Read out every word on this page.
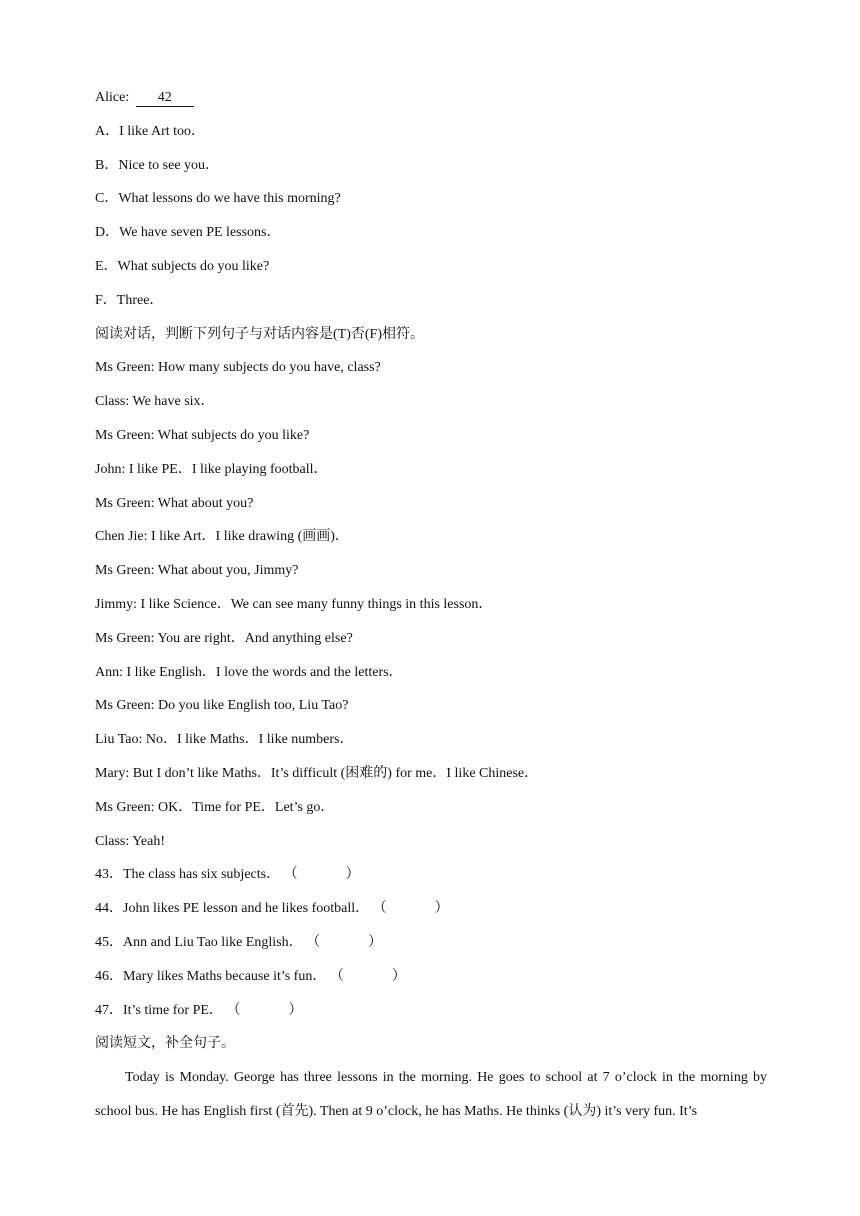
Alice: 42
A．I like Art too．
B．Nice to see you．
C．What lessons do we have this morning?
D．We have seven PE lessons．
E．What subjects do you like?
F．Three．
阅读对话，判断下列句子与对话内容是(T)否(F)相符。
Ms Green: How many subjects do you have, class?
Class: We have six．
Ms Green: What subjects do you like?
John: I like PE．I like playing football．
Ms Green: What about you?
Chen Jie: I like Art．I like drawing (画画)．
Ms Green: What about you, Jimmy?
Jimmy: I like Science．We can see many funny things in this lesson．
Ms Green: You are right．And anything else?
Ann: I like English．I love the words and the letters．
Ms Green: Do you like English too, Liu Tao?
Liu Tao: No．I like Maths．I like numbers．
Mary: But I don’t like Maths．It’s difficult (困难的) for me．I like Chinese．
Ms Green: OK．Time for PE．Let’s go．
Class: Yeah!
43．The class has six subjects． （	）
44．John likes PE lesson and he likes football． （	）
45．Ann and Liu Tao like English． （	）
46．Mary likes Maths because it’s fun． （	）
47．It’s time for PE． （	）
阅读短文，补全句子。

Today is Monday. George has three lessons in the morning. He goes to school at 7 o’clock in the morning by school bus. He has English first (首先). Then at 9 o’clock, he has Maths. He thinks (认为) it’s very fun. It’s
